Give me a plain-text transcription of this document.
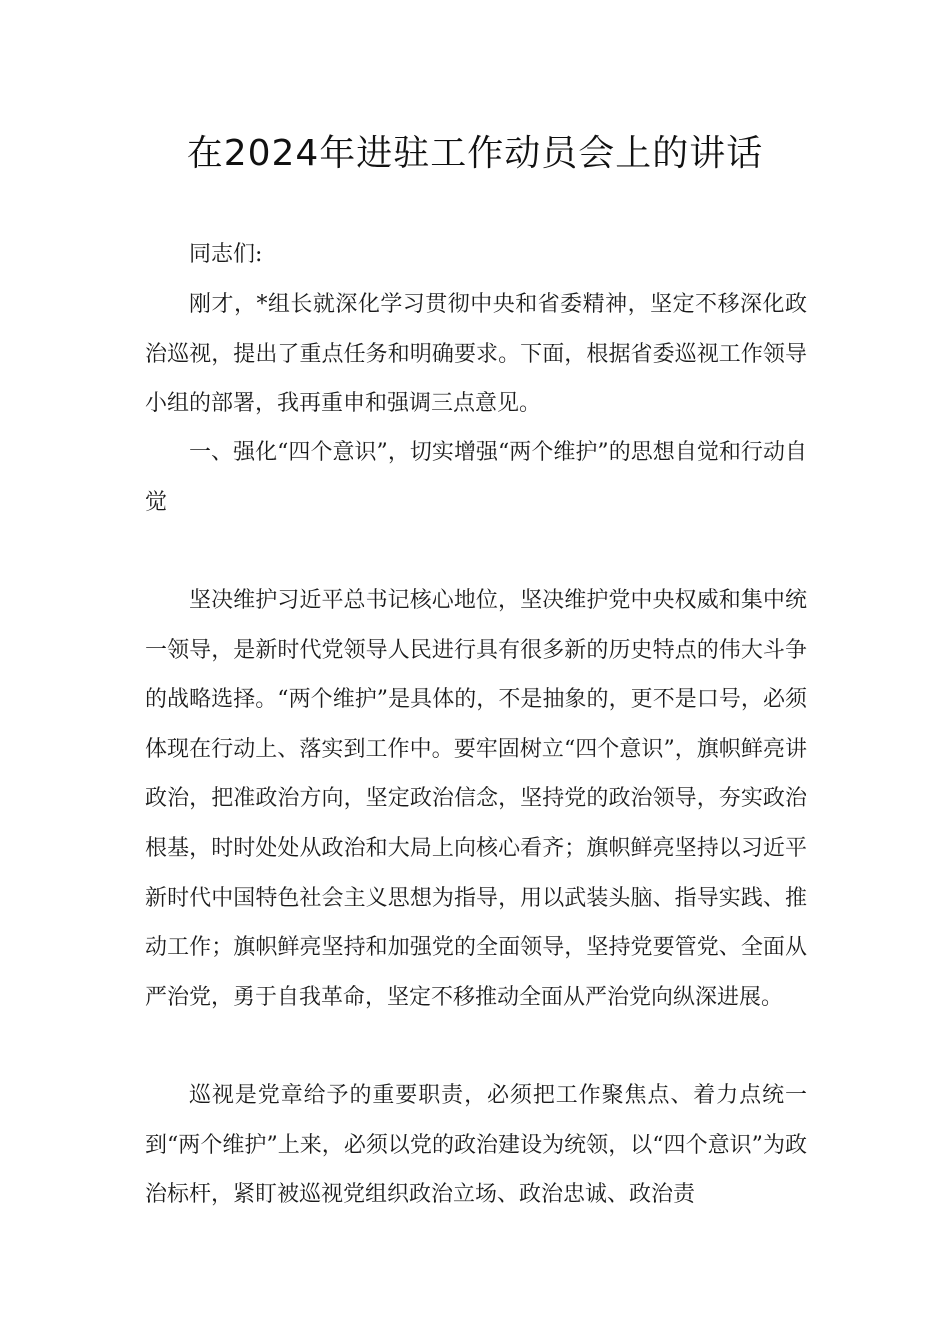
在2024年进驻工作动员会上的讲话

同志们:

刚才，*组长就深化学习贯彻中央和省委精神，坚定不移深化政治巡视，提出了重点任务和明确要求。下面，根据省委巡视工作领导小组的部署，我再重申和强调三点意见。

一、强化“四个意识”，切实增强“两个维护”的思想自觉和行动自觉

坚决维护习近平总书记核心地位，坚决维护党中央权威和集中统一领导，是新时代党领导人民进行具有很多新的历史特点的伟大斗争的战略选择。“两个维护”是具体的，不是抽象的，更不是口号，必须体现在行动上、落实到工作中。要牢固树立“四个意识”，旗帜鲜亮讲政治，把准政治方向，坚定政治信念，坚持党的政治领导，夯实政治根基，时时处处从政治和大局上向核心看齐；旗帜鲜亮坚持以习近平新时代中国特色社会主义思想为指导，用以武装头脑、指导实践、推动工作；旗帜鲜亮坚持和加强党的全面领导，坚持党要管党、全面从严治党，勇于自我革命，坚定不移推动全面从严治党向纵深进展。

巡视是党章给予的重要职责，必须把工作聚焦点、着力点统一到“两个维护”上来，必须以党的政治建设为统领，以“四个意识”为政治标杆，紧盯被巡视党组织政治立场、政治忠诚、政治责
